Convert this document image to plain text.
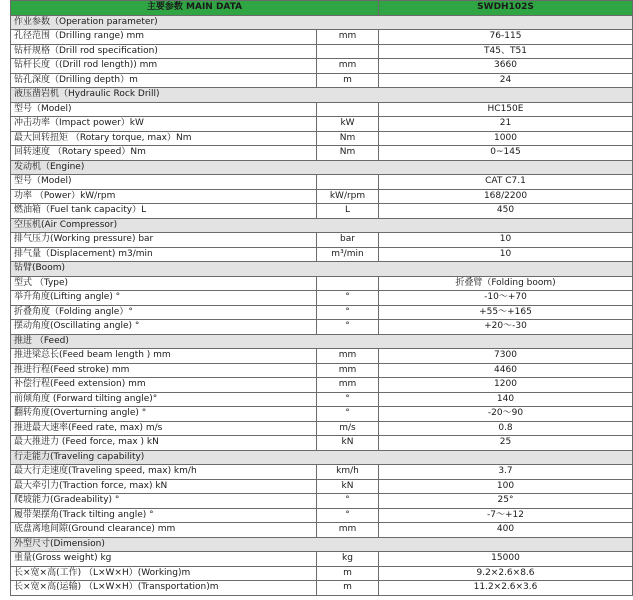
主要参数 MAIN DATA		SWDH102S
作业参数（Operation parameter)		
孔径范围（Drilling range) mm	mm	76-115
钻杆规格（Drill rod specification)		T45、T51
钻杆长度（(Drill rod length)) mm	mm	3660
钻孔深度（Drilling depth）m	m	24
液压凿岩机（Hydraulic Rock Drill)		
型号（Model)		HC150E
冲击功率（Impact power）kW	kW	21
最大回转扭矩 （Rotary torque, max）Nm	Nm	1000
回转速度 （Rotary speed）Nm	Nm	0~145
发动机（Engine)		
型号（Model)		CAT C7.1
功率 （Power）kW/rpm	kW/rpm	168/2200
燃油箱（Fuel tank capacity）L	L	450
空压机(Air Compressor)		
排气压力(Working pressure) bar	bar	10
排气量（Displacement) m3/min	m³/min	10
钻臂(Boom)		
型式 （Type)		折叠臂（Folding boom)
举升角度(Lifting angle) °	°	-10～+70
折叠角度（Folding angle）°	°	+55～+165
摆动角度(Oscillating angle) °	°	+20～-30
推进 （Feed)		
推进梁总长(Feed beam length ) mm	mm	7300
推进行程(Feed stroke) mm	mm	4460
补偿行程(Feed extension) mm	mm	1200
前倾角度 (Forward tilting angle)°	°	140
翻转角度(Overturning angle) °	°	-20～90
推进最大速率(Feed rate, max) m/s	m/s	0.8
最大推进力 (Feed force, max ) kN	kN	25
行走能力(Traveling capability)		
最大行走速度(Traveling speed, max) km/h	km/h	3.7
最大牵引力(Traction force, max) kN	kN	100
爬坡能力(Gradeability) °	°	25°
履带架摆角(Track tilting angle) °	°	-7～+12
底盘离地间隙(Ground clearance) mm	mm	400
外型尺寸(Dimension)		
重量(Gross weight) kg	kg	15000
长×宽×高(工作) （L×W×H）(Working)m	m	9.2×2.6×8.6
长×宽×高(运输) （L×W×H）(Transportation)m	m	11.2×2.6×3.6
